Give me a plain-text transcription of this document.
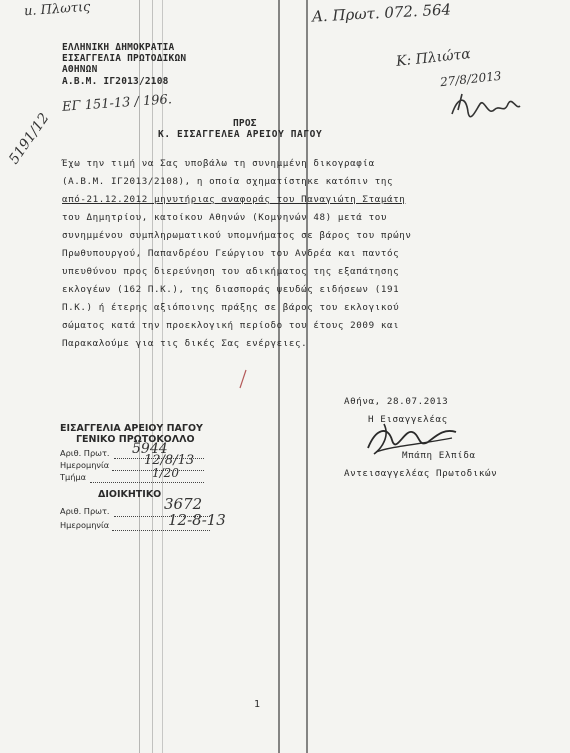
u. Πλωτις	Α. Πρωτ. 072. 564
Κ: Πλιώτα
27/8/2013
5191/12
ΕΓ 151-13 / 196.
ΕΛΛΗΝΙΚΗ ΔΗΜΟΚΡΑΤΙΑ
ΕΙΣΑΓΓΕΛΙΑ ΠΡΩΤΟΔΙΚΩΝ
ΑΘΗΝΩΝ
Α.Β.Μ. ΙΓ2013/2108
ΠΡΟΣ
Κ. ΕΙΣΑΓΓΕΛΕΑ ΑΡΕΙΟΥ ΠΑΓΟΥ
Έχω την τιμή να Σας υποβάλω τη συνημμένη δικογραφία
(Α.Β.Μ. ΙΓ2013/2108), η οποία σχηματίστηκε κατόπιν της
από-21.12.2012 μηνυτήριας αναφοράς του Παναγιώτη Σταμάτη
του Δημητρίου, κατοίκου Αθηνών (Κομνηνών 48) μετά του
συνημμένου συμπληρωματικού υπομνήματος σε βάρος του πρώην
Πρωθυπουργού, Παπανδρέου Γεώργιου του Ανδρέα και παντός
υπευθύνου προς διερεύνηση του αδικήματος της εξαπάτησης
εκλογέων (162 Π.Κ.), της διασποράς ψευδώς ειδήσεων (191
Π.Κ.) ή έτερης αξιόποινης πράξης σε βάρος του εκλογικού
σώματος κατά την προεκλογική περίοδο του έτους 2009 και
Παρακαλούμε για τις δικές Σας ενέργειες.
Αθήνα, 28.07.2013
Η Εισαγγελέας
Μπάπη Ελπίδα
Αντεισαγγελέας Πρωτοδικών
ΕΙΣΑΓΓΕΛΙΑ ΑΡΕΙΟΥ ΠΑΓΟΥ
ΓΕΝΙΚΟ ΠΡΩΤΟΚΟΛΛΟ
Αριθ. Πρωτ. 5944
Ημερομηνία	12/8/13
Τμήμα	1/20
ΔΙΟΙΚΗΤΙΚΟ
Αριθ. Πρωτ.	3672
Ημερομηνία	12-8-13
1
